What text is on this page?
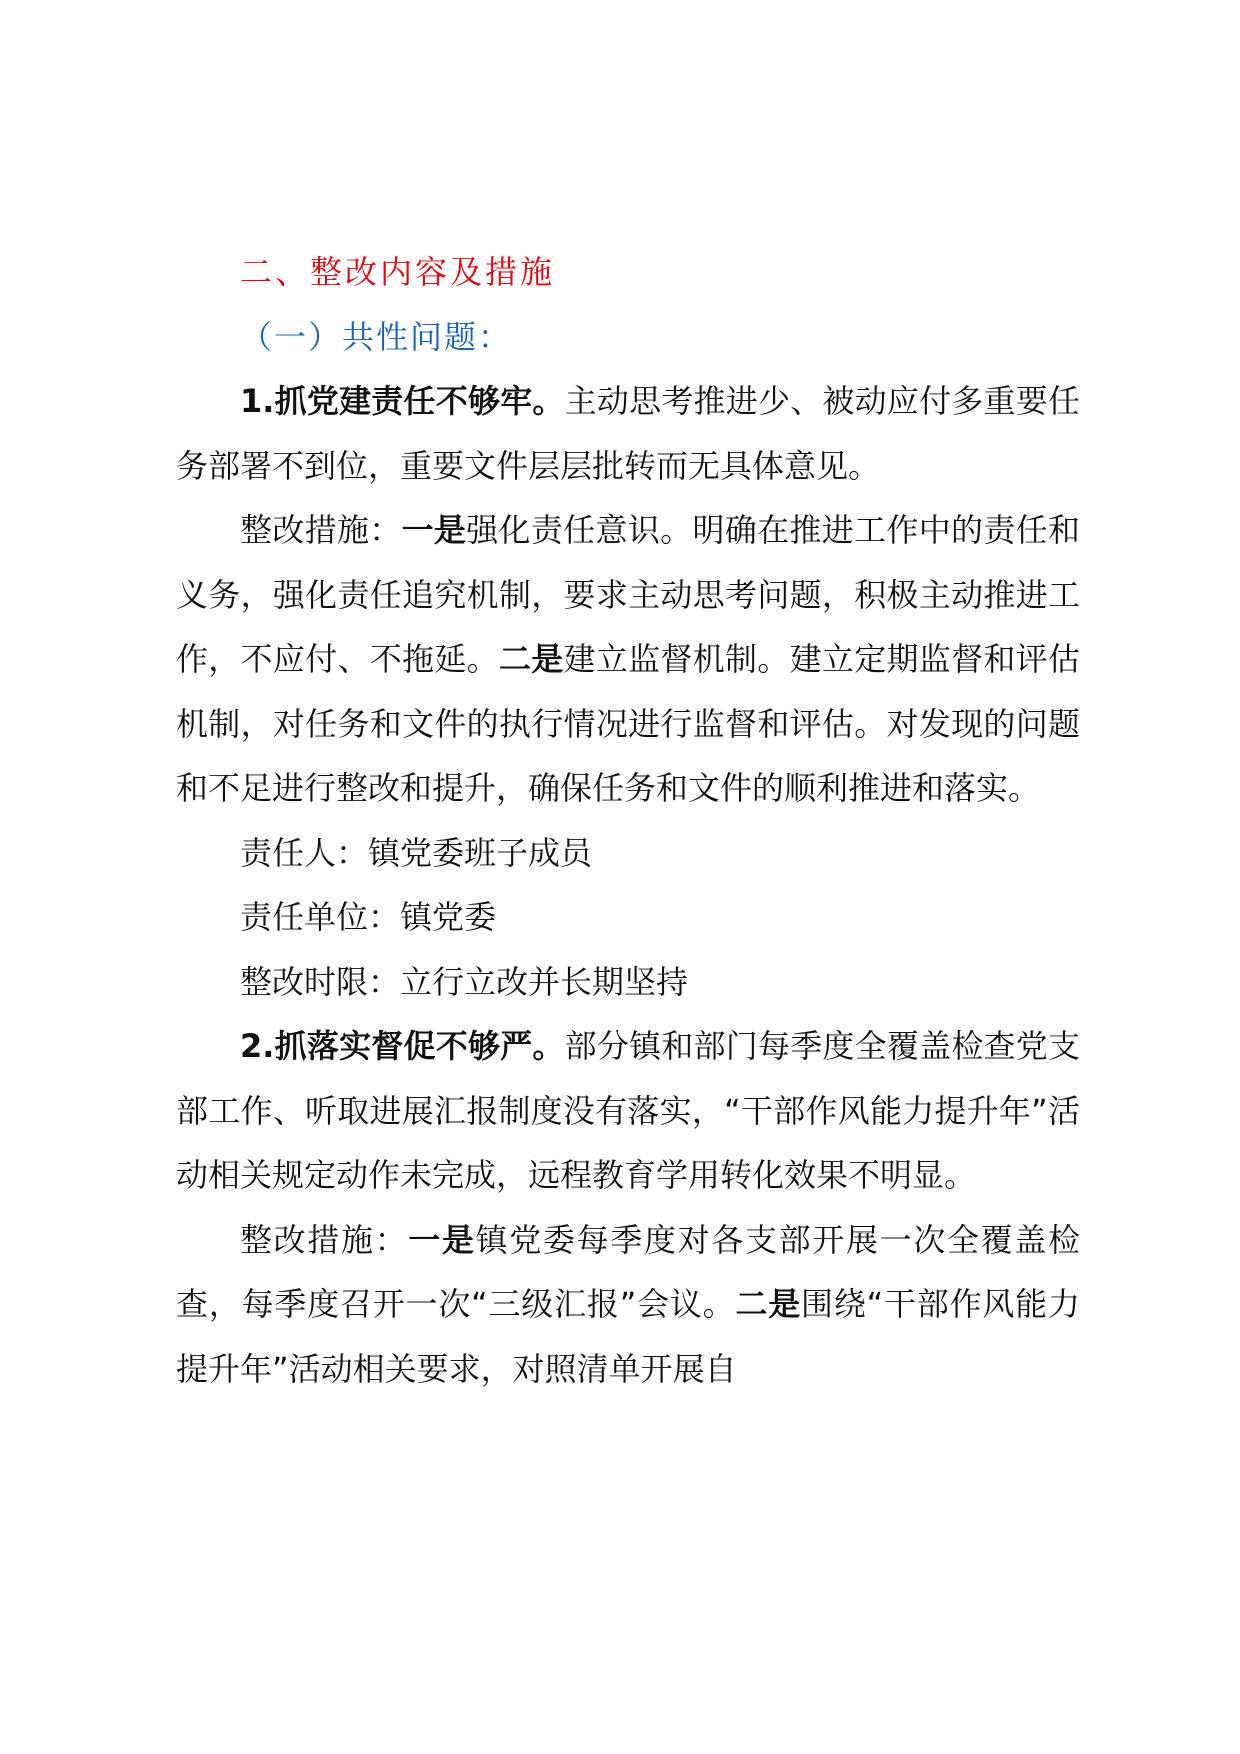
二、整改内容及措施

（一）共性问题：

1.抓党建责任不够牢。主动思考推进少、被动应付多重要任务部署不到位，重要文件层层批转而无具体意见。

整改措施：一是强化责任意识。明确在推进工作中的责任和义务，强化责任追究机制，要求主动思考问题，积极主动推进工作，不应付、不拖延。二是建立监督机制。建立定期监督和评估机制，对任务和文件的执行情况进行监督和评估。对发现的问题和不足进行整改和提升，确保任务和文件的顺利推进和落实。

责任人：镇党委班子成员

责任单位：镇党委

整改时限：立行立改并长期坚持

2.抓落实督促不够严。部分镇和部门每季度全覆盖检查党支部工作、听取进展汇报制度没有落实，“干部作风能力提升年”活动相关规定动作未完成，远程教育学用转化效果不明显。

整改措施：一是镇党委每季度对各支部开展一次全覆盖检查，每季度召开一次“三级汇报”会议。二是围绕“干部作风能力提升年”活动相关要求，对照清单开展自
